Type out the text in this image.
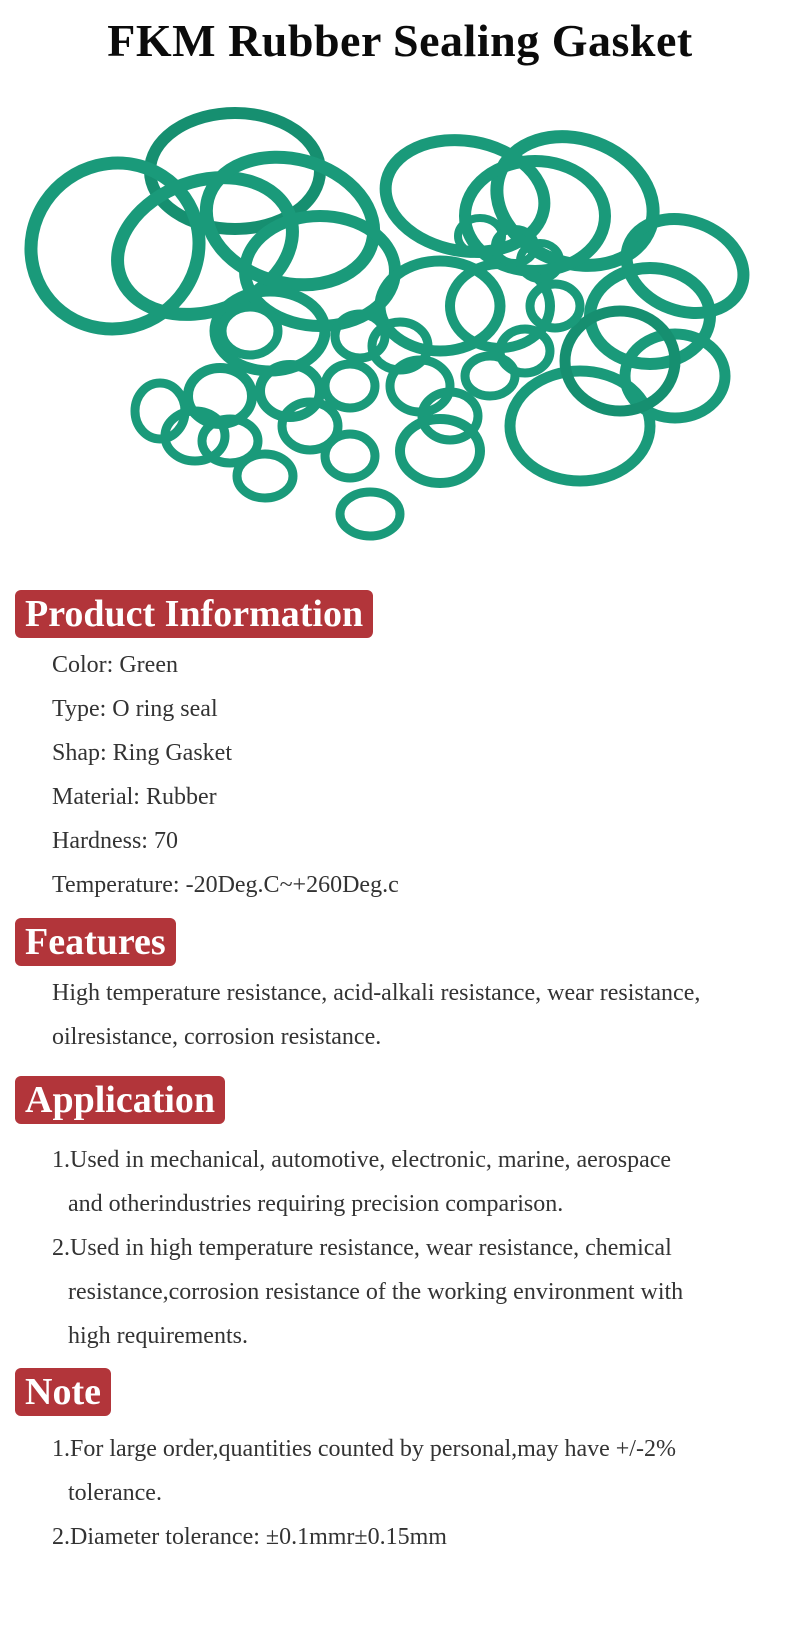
FKM Rubber Sealing Gasket
Product Information
Color: Green
Type: O ring seal
Shap: Ring Gasket
Material: Rubber
Hardness: 70
Temperature: -20Deg.C~+260Deg.c
Features
High temperature resistance, acid-alkali resistance, wear resistance,
oilresistance, corrosion resistance.
Application
1.Used in mechanical, automotive, electronic, marine, aerospace
and otherindustries requiring precision comparison.
2.Used in high temperature resistance, wear resistance, chemical
resistance,corrosion resistance of the working environment with
high requirements.
Note
1.For large order,quantities counted by personal,may have +/-2%
tolerance.
2.Diameter tolerance: ±0.1mmr±0.15mm
